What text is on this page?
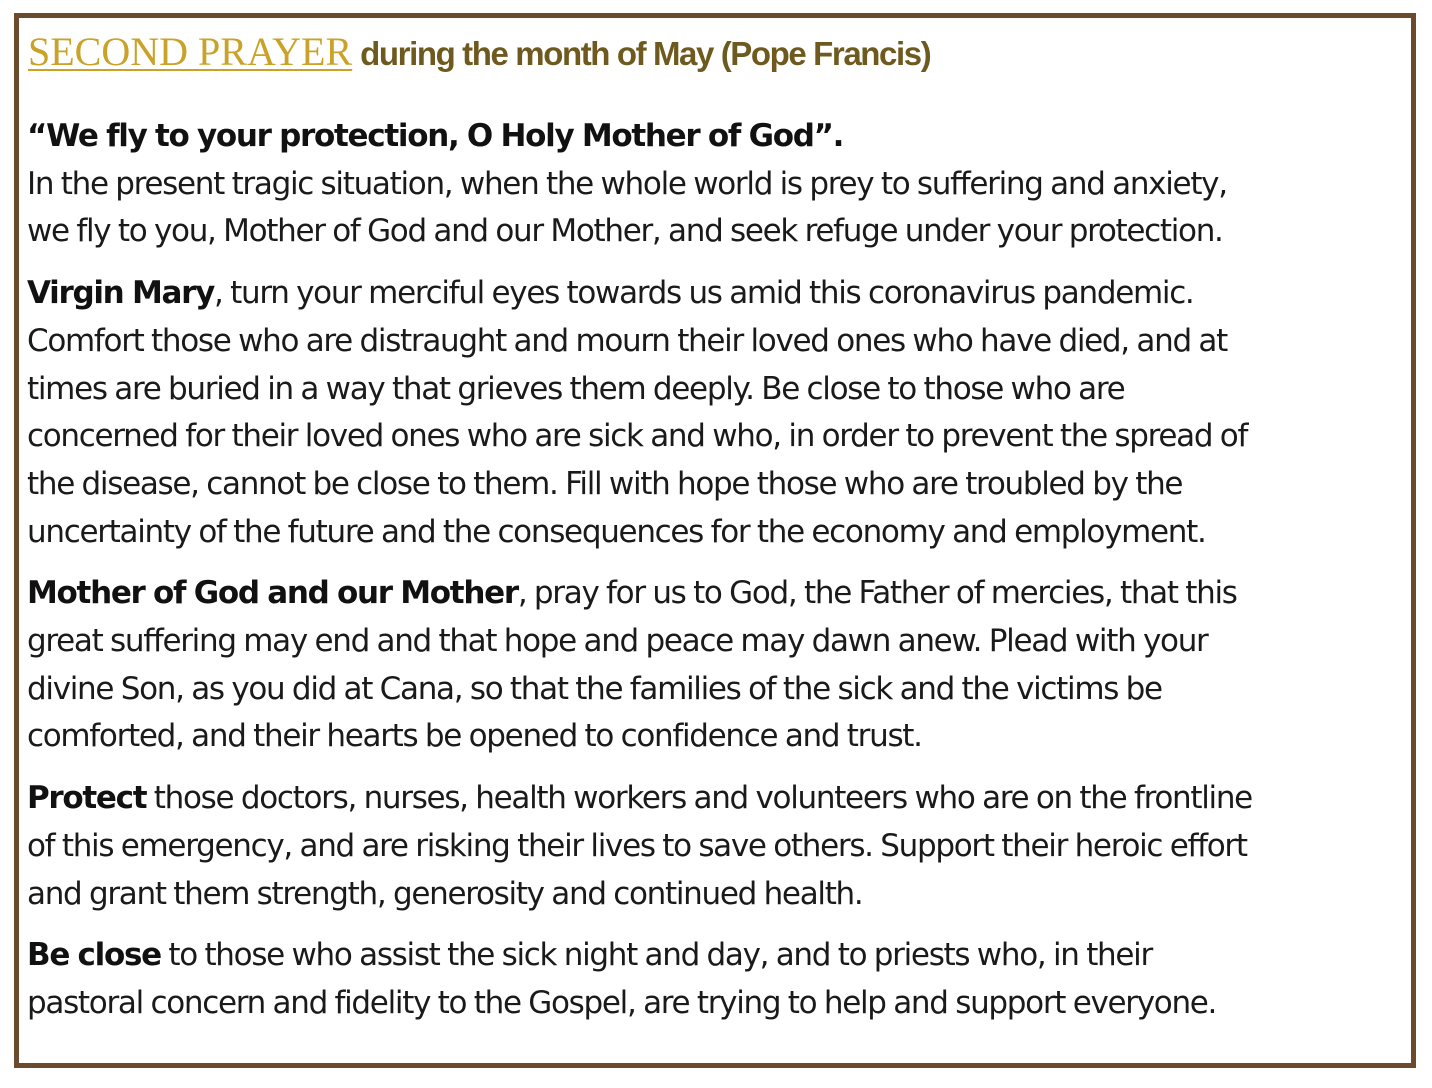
SECOND PRAYER during the month of May (Pope Francis)
“We fly to your protection, O Holy Mother of God”.
In the present tragic situation, when the whole world is prey to suffering and anxiety,
we fly to you, Mother of God and our Mother, and seek refuge under your protection.
Virgin Mary, turn your merciful eyes towards us amid this coronavirus pandemic.
Comfort those who are distraught and mourn their loved ones who have died, and at
times are buried in a way that grieves them deeply. Be close to those who are
concerned for their loved ones who are sick and who, in order to prevent the spread of
the disease, cannot be close to them. Fill with hope those who are troubled by the
uncertainty of the future and the consequences for the economy and employment.
Mother of God and our Mother, pray for us to God, the Father of mercies, that this
great suffering may end and that hope and peace may dawn anew. Plead with your
divine Son, as you did at Cana, so that the families of the sick and the victims be
comforted, and their hearts be opened to confidence and trust.
Protect those doctors, nurses, health workers and volunteers who are on the frontline
of this emergency, and are risking their lives to save others. Support their heroic effort
and grant them strength, generosity and continued health.
Be close to those who assist the sick night and day, and to priests who, in their
pastoral concern and fidelity to the Gospel, are trying to help and support everyone.
